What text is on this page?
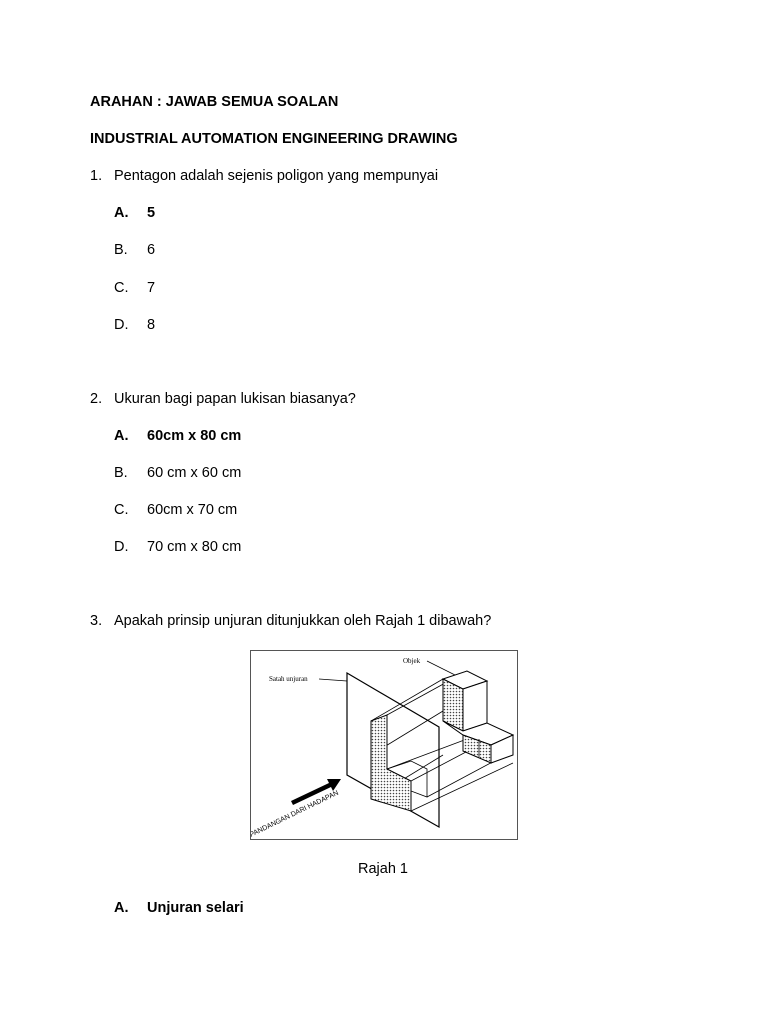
ARAHAN : JAWAB SEMUA SOALAN
INDUSTRIAL AUTOMATION ENGINEERING DRAWING
1. Pentagon adalah sejenis poligon yang mempunyai
A. 5
B. 6
C. 7
D. 8
2. Ukuran bagi papan lukisan biasanya?
A. 60cm x 80 cm
B. 60 cm x 60 cm
C. 60cm x 70 cm
D. 70 cm x 80 cm
3. Apakah prinsip unjuran ditunjukkan oleh Rajah 1 dibawah?
Objek
Satah unjuran
PANDANGAN DARI HADAPAN
Rajah 1
A. Unjuran selari
